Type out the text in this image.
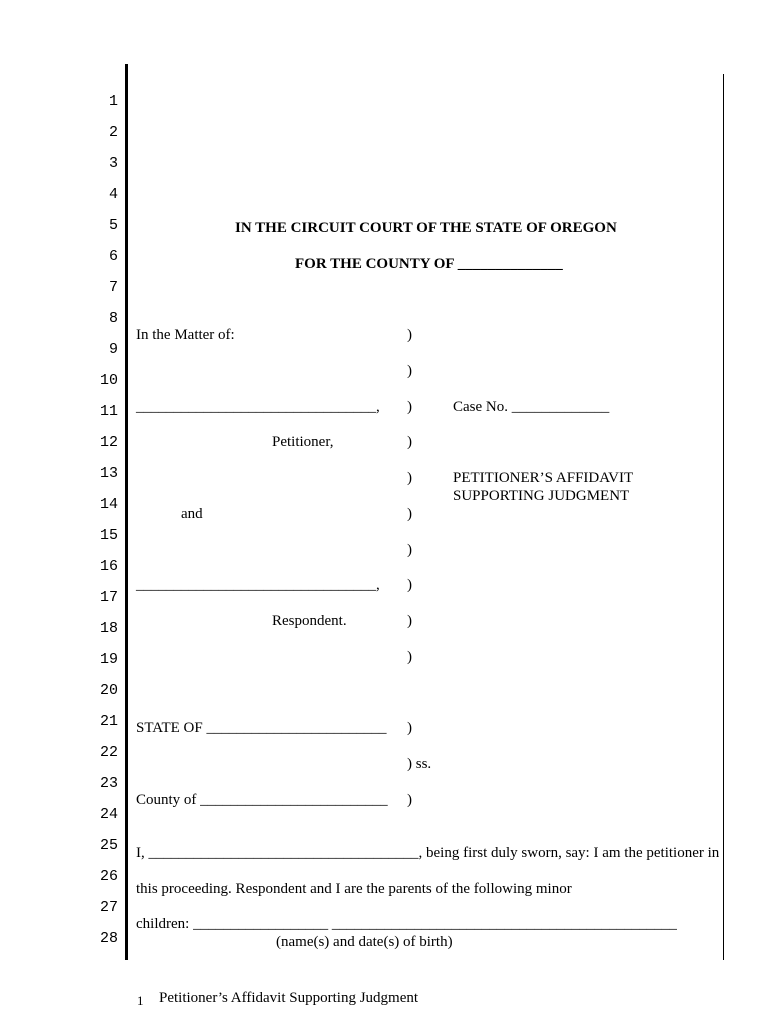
1
2
3
4
5
6
7
8
9
10
11
12
13
14
15
16
17
18
19
20
21
22
23
24
25
26
27
28
IN THE CIRCUIT COURT OF THE STATE OF OREGON
FOR THE COUNTY OF ______________
In the Matter of:
________________________________,
Petitioner,
and
________________________________,
Respondent.
)
)
)
)
)
)
)
)
)
)
Case No. _____________
PETITIONER’S AFFIDAVIT
SUPPORTING JUDGMENT
STATE OF ________________________ )
) ss.
County of _________________________ )
I, ____________________________________, being first duly sworn, say: I am the petitioner in
this proceeding. Respondent and I are the parents of the following minor
children: __________________ ______________________________________________
(name(s) and date(s) of birth)
1 Petitioner’s Affidavit Supporting Judgment
